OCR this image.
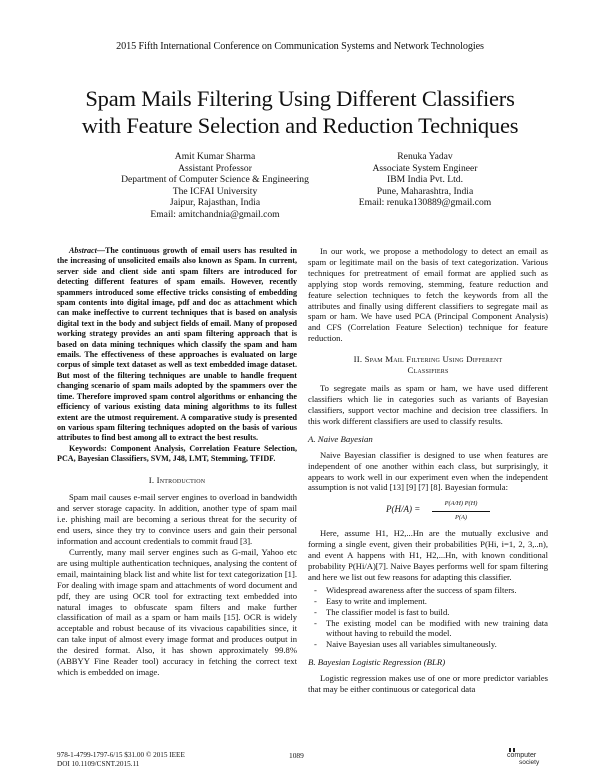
2015 Fifth International Conference on Communication Systems and Network Technologies
Spam Mails Filtering Using Different Classifiers
with Feature Selection and Reduction Techniques
Amit Kumar Sharma
Assistant Professor
Department of Computer Science & Engineering
The ICFAI University
Jaipur, Rajasthan, India
Email: amitchandnia@gmail.com
Renuka Yadav
Associate System Engineer
IBM India Pvt. Ltd.
Pune, Maharashtra, India
Email: renuka130889@gmail.com

Abstract—The continuous growth of email users has resulted in the increasing of unsolicited emails also known as Spam. In current, server side and client side anti spam filters are introduced for detecting different features of spam emails. However, recently spammers introduced some effective tricks consisting of embedding spam contents into digital image, pdf and doc as attachment which can make ineffective to current techniques that is based on analysis digital text in the body and subject fields of email. Many of proposed working strategy provides an anti spam filtering approach that is based on data mining techniques which classify the spam and ham emails. The effectiveness of these approaches is evaluated on large corpus of simple text dataset as well as text embedded image dataset. But most of the filtering techniques are unable to handle frequent changing scenario of spam mails adopted by the spammers over the time. Therefore improved spam control algorithms or enhancing the efficiency of various existing data mining algorithms to its fullest extent are the utmost requirement. A comparative study is presented on various spam filtering techniques adopted on the basis of various attributes to find best among all to extract the best results.

Keywords: Component Analysis, Correlation Feature Selection, PCA, Bayesian Classifiers, SVM, J48, LMT, Stemming, TFIDF.

I. Introduction

Spam mail causes e-mail server engines to overload in bandwidth and server storage capacity. In addition, another type of spam mail i.e. phishing mail are becoming a serious threat for the security of end users, since they try to convince users and gain their personal information and account credentials to commit fraud [3].

Currently, many mail server engines such as G-mail, Yahoo etc are using multiple authentication techniques, analysing the content of email, maintaining black list and white list for text categorization [1]. For dealing with image spam and attachments of word document and pdf, they are using OCR tool for extracting text embedded into natural images to obfuscate spam filters and make further classification of mail as a spam or ham mails [15]. OCR is widely acceptable and robust because of its vivacious capabilities since, it can take input of almost every image format and produces output in the desired format. Also, it has shown approximately 99.8% (ABBYY Fine Reader tool) accuracy in fetching the correct text which is embedded on image.

In our work, we propose a methodology to detect an email as spam or legitimate mail on the basis of text categorization. Various techniques for pretreatment of email format are applied such as applying stop words removing, stemming, feature reduction and feature selection techniques to fetch the keywords from all the attributes and finally using different classifiers to segregate mail as spam or ham. We have used PCA (Principal Component Analysis) and CFS (Correlation Feature Selection) technique for feature reduction.

II. Spam Mail Filtering Using Different
Classifiers

To segregate mails as spam or ham, we have used different classifiers which lie in categories such as variants of Bayesian classifiers, support vector machine and decision tree classifiers. In this work different classifiers are used to classify results.

A. Naive Bayesian

Naive Bayesian classifier is designed to use when features are independent of one another within each class, but surprisingly, it appears to work well in our experiment even when the independent assumption is not valid [13] [9] [7] [8]. Bayesian formula:

$P(H/A) = \frac{P(A/H) P(H)}{P(A)}$

Here, assume H1, H2,...Hn are the mutually exclusive and forming a single event, given their probabilities P(Hi, i=1, 2, 3,..n), and event A happens with H1, H2,...Hn, with known conditional probability P(Hi/A)[7]. Naive Bayes performs well for spam filtering and here we list out few reasons for adapting this classifier.

- Widespread awareness after the success of spam filters.
- Easy to write and implement.
- The classifier model is fast to build.
- The existing model can be modified with new training data without having to rebuild the model.
- Naive Bayesian uses all variables simultaneously.
B. Bayesian Logistic Regression (BLR)

Logistic regression makes use of one or more predictor variables that may be either continuous or categorical data

978-1-4799-1797-6/15 $31.00 © 2015 IEEE
DOI 10.1109/CSNT.2015.11
1089	computer
society
